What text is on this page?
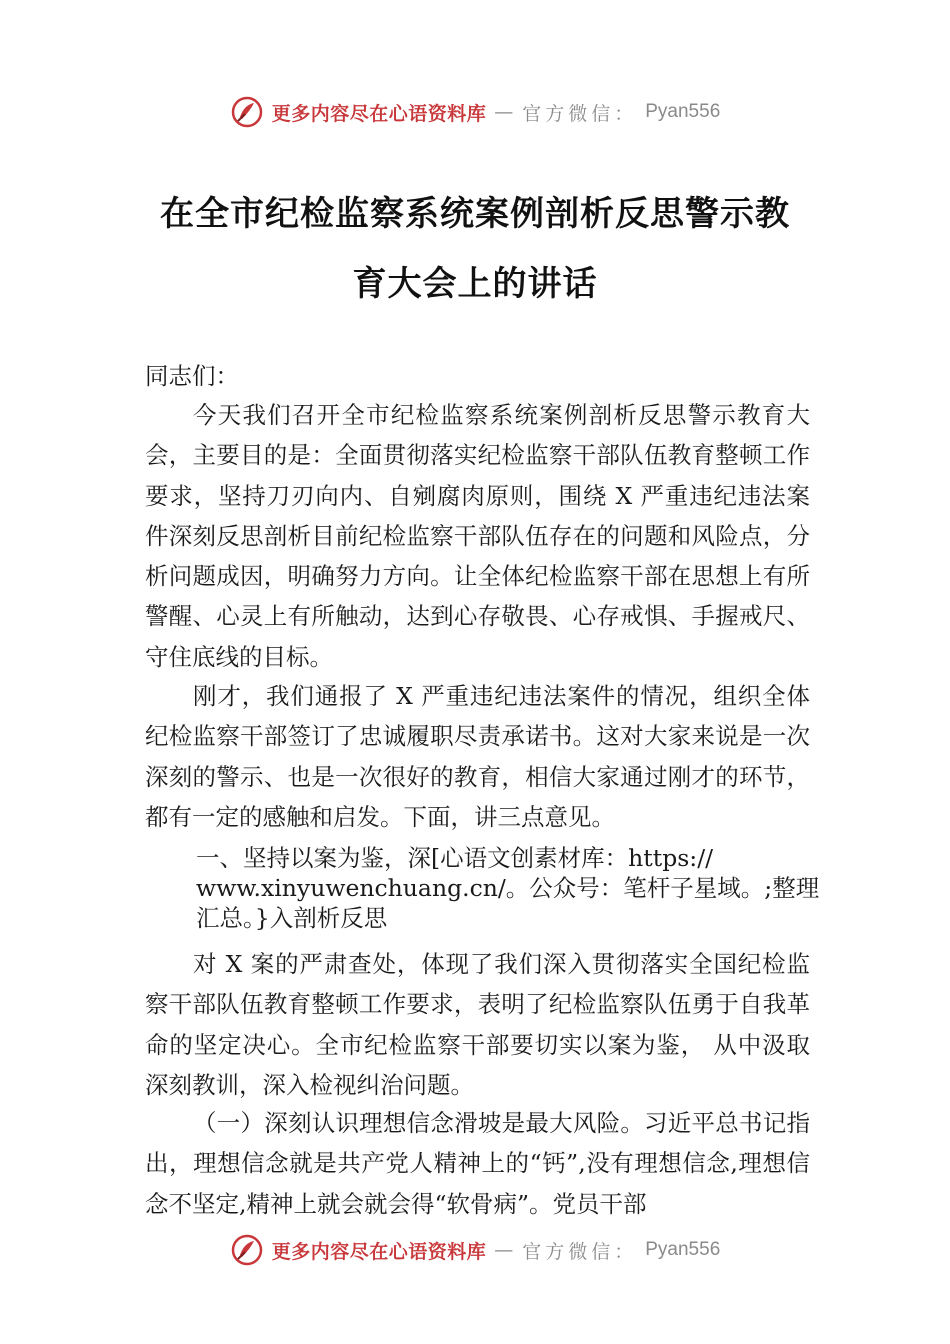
更多内容尽在心语资料库 — 官方微信： Pyan556
在全市纪检监察系统案例剖析反思警示教
育大会上的讲话
同志们：
今天我们召开全市纪检监察系统案例剖析反思警示教育大会，主要目的是：全面贯彻落实纪检监察干部队伍教育整顿工作要求，坚持刀刃向内、自剜腐肉原则，围绕 X 严重违纪违法案件深刻反思剖析目前纪检监察干部队伍存在的问题和风险点，分析问题成因，明确努力方向。让全体纪检监察干部在思想上有所警醒、心灵上有所触动，达到心存敬畏、心存戒惧、手握戒尺、守住底线的目标。
刚才，我们通报了 X 严重违纪违法案件的情况，组织全体纪检监察干部签订了忠诚履职尽责承诺书。这对大家来说是一次深刻的警示、也是一次很好的教育，相信大家通过刚才的环节，都有一定的感触和启发。下面，讲三点意见。
一、坚持以案为鉴，深[心语文创素材库：https://
www.xinyuwenchuang.cn/。公众号：笔杆子星域。;整理
汇总。}入剖析反思
对 X 案的严肃查处，体现了我们深入贯彻落实全国纪检监察干部队伍教育整顿工作要求，表明了纪检监察队伍勇于自我革命的坚定决心。全市纪检监察干部要切实以案为鉴， 从中汲取深刻教训，深入检视纠治问题。
（一）深刻认识理想信念滑坡是最大风险。习近平总书记指出，理想信念就是共产党人精神上的“钙”,没有理想信念,理想信念不坚定,精神上就会就会得“软骨病”。党员干部
更多内容尽在心语资料库 — 官方微信： Pyan556
